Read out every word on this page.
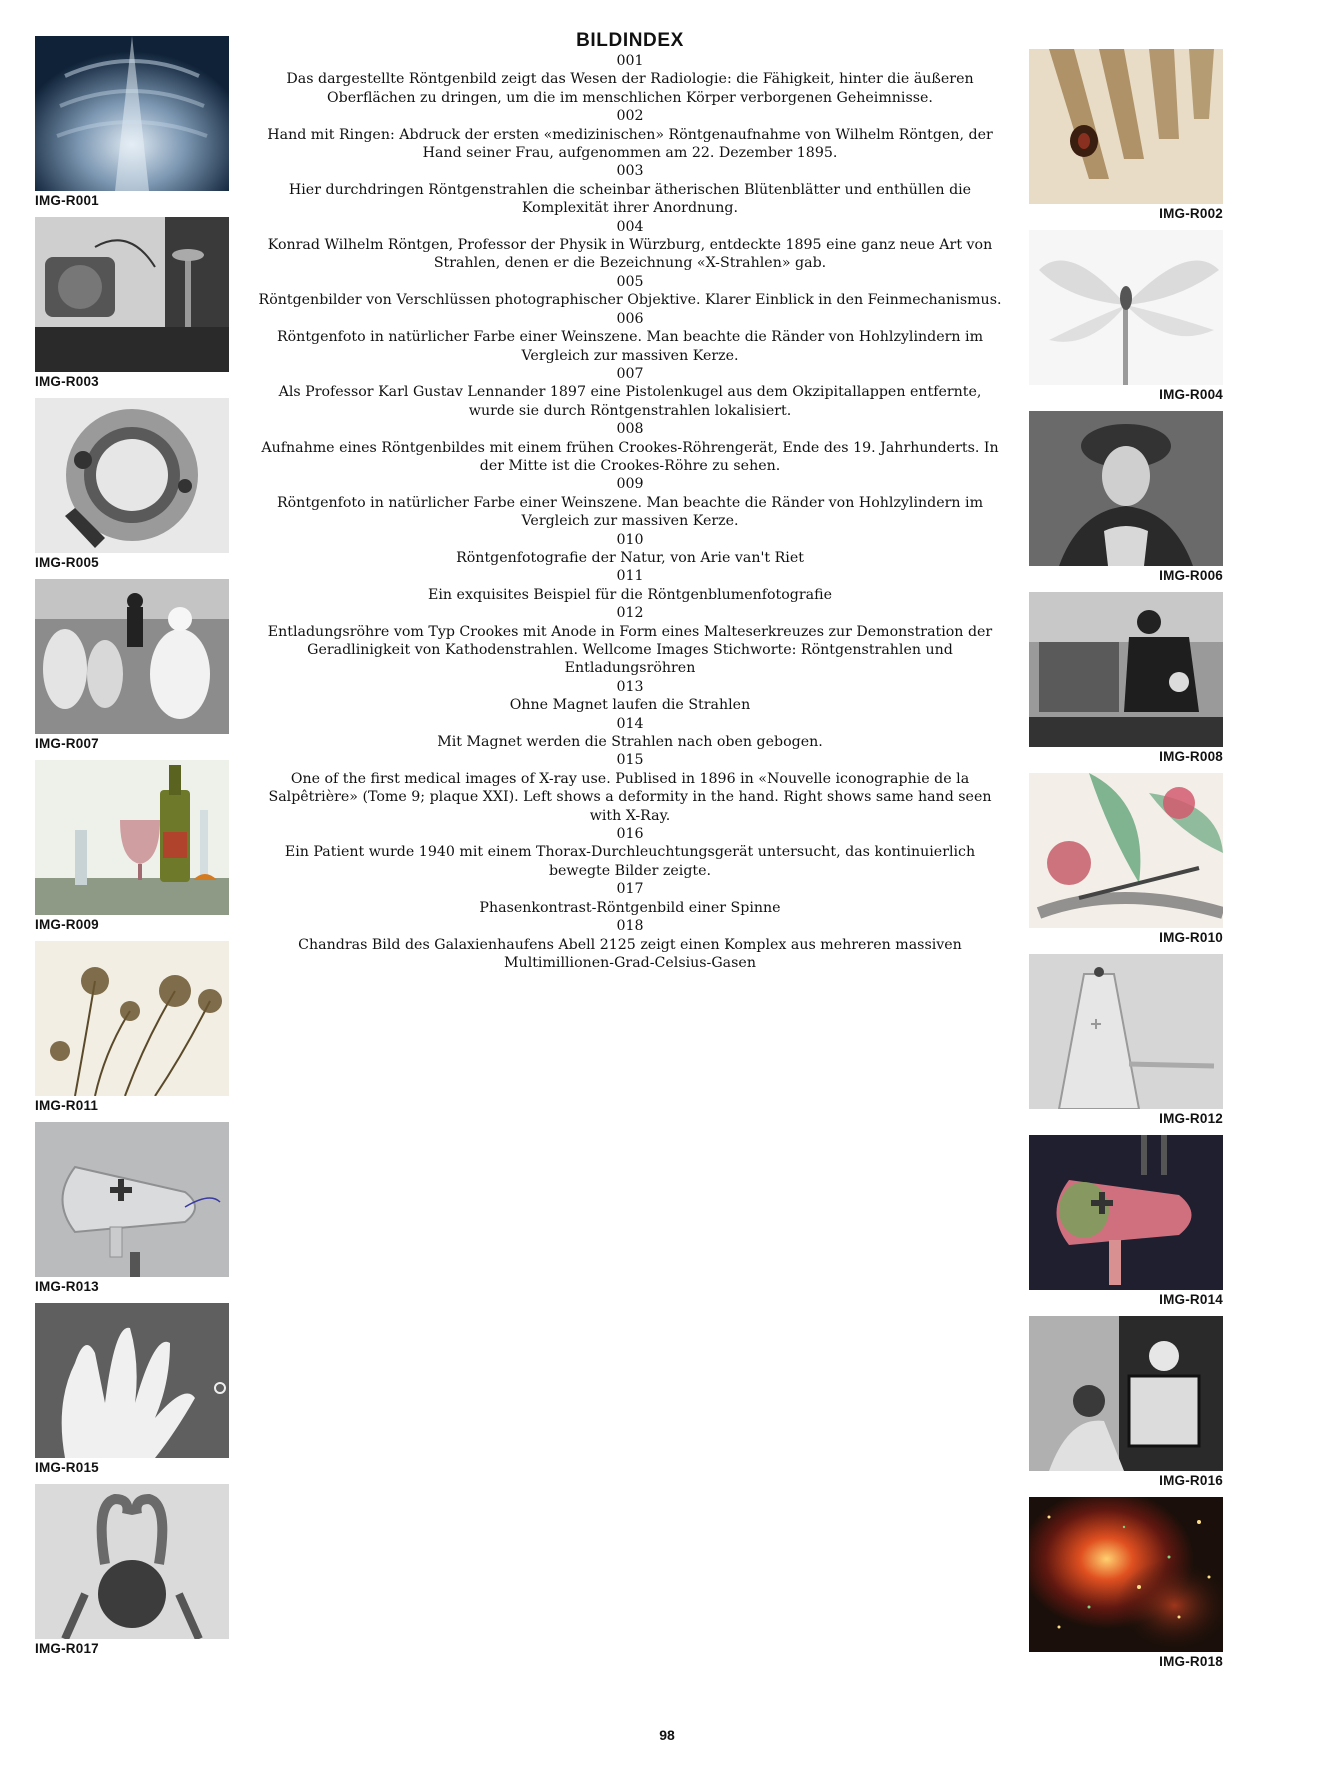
IMG-R001
IMG-R003
IMG-R005
IMG-R007
IMG-R009
IMG-R011
IMG-R013
IMG-R015
IMG-R017
BILDINDEX
001
Das dargestellte Röntgenbild zeigt das Wesen der Radiologie: die Fähigkeit, hinter die äußeren Oberflächen zu dringen, um die im menschlichen Körper verborgenen Geheimnisse.
002
Hand mit Ringen: Abdruck der ersten «medizinischen» Röntgenaufnahme von Wilhelm Röntgen, der Hand seiner Frau, aufgenommen am 22. Dezember 1895.
003
Hier durchdringen Röntgenstrahlen die scheinbar ätherischen Blütenblätter und enthüllen die Komplexität ihrer Anordnung.
004
Konrad Wilhelm Röntgen, Professor der Physik in Würzburg, entdeckte 1895 eine ganz neue Art von Strahlen, denen er die Bezeichnung «X-Strahlen» gab.
005
Röntgenbilder von Verschlüssen photographischer Objektive. Klarer Einblick in den Feinmechanismus.
006
Röntgenfoto in natürlicher Farbe einer Weinszene. Man beachte die Ränder von Hohlzylindern im Vergleich zur massiven Kerze.
007
Als Professor Karl Gustav Lennander 1897 eine Pistolenkugel aus dem Okzipitallappen entfernte, wurde sie durch Röntgenstrahlen lokalisiert.
008
Aufnahme eines Röntgenbildes mit einem frühen Crookes-Röhrengerät, Ende des 19. Jahrhunderts. In der Mitte ist die Crookes-Röhre zu sehen.
009
Röntgenfoto in natürlicher Farbe einer Weinszene. Man beachte die Ränder von Hohlzylindern im Vergleich zur massiven Kerze.
010
Röntgenfotografie der Natur, von Arie van't Riet
011
Ein exquisites Beispiel für die Röntgenblumenfotografie
012
Entladungsröhre vom Typ Crookes mit Anode in Form eines Malteserkreuzes zur Demonstration der Geradlinigkeit von Kathodenstrahlen. Wellcome Images Stichworte: Röntgenstrahlen und Entladungsröhren
013
Ohne Magnet laufen die Strahlen
014
Mit Magnet werden die Strahlen nach oben gebogen.
015
One of the first medical images of X-ray use. Publised in 1896 in «Nouvelle iconographie de la Salpêtrière» (Tome 9; plaque XXI). Left shows a deformity in the hand. Right shows same hand seen with X-Ray.
016
Ein Patient wurde 1940 mit einem Thorax-Durchleuchtungsgerät untersucht, das kontinuierlich bewegte Bilder zeigte.
017
Phasenkontrast-Röntgenbild einer Spinne
018
Chandras Bild des Galaxienhaufens Abell 2125 zeigt einen Komplex aus mehreren massiven Multimillionen-Grad-Celsius-Gasen
IMG-R002
IMG-R004
IMG-R006
IMG-R008
IMG-R010
IMG-R012
IMG-R014
IMG-R016
IMG-R018
98
